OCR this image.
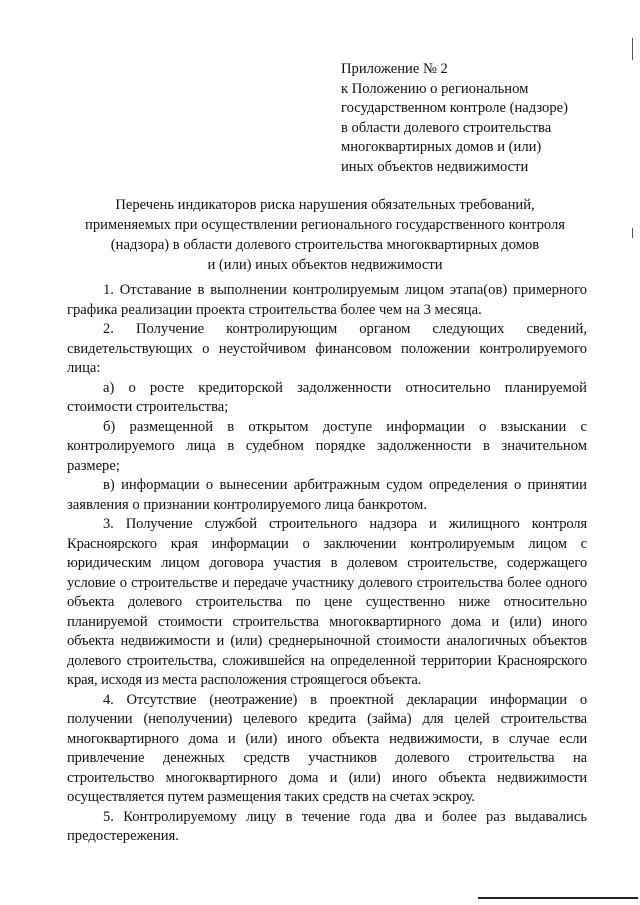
Приложение № 2
к Положению о региональном
государственном контроле (надзоре)
в области долевого строительства
многоквартирных домов и (или)
иных объектов недвижимости
Перечень индикаторов риска нарушения обязательных требований,
применяемых при осуществлении регионального государственного контроля
(надзора) в области долевого строительства многоквартирных домов
и (или) иных объектов недвижимости

1. Отставание в выполнении контролируемым лицом этапа(ов) примерного графика реализации проекта строительства более чем на 3 месяца.

2. Получение контролирующим органом следующих сведений, свидетельствующих о неустойчивом финансовом положении контролируемого лица:

а) о росте кредиторской задолженности относительно планируемой стоимости строительства;

б) размещенной в открытом доступе информации о взыскании с контролируемого лица в судебном порядке задолженности в значительном размере;

в) информации о вынесении арбитражным судом определения о принятии заявления о признании контролируемого лица банкротом.

3. Получение службой строительного надзора и жилищного контроля Красноярского края информации о заключении контролируемым лицом с юридическим лицом договора участия в долевом строительстве, содержащего условие о строительстве и передаче участнику долевого строительства более одного объекта долевого строительства по цене существенно ниже относительно планируемой стоимости строительства многоквартирного дома и (или) иного объекта недвижимости и (или) среднерыночной стоимости аналогичных объектов долевого строительства, сложившейся на определенной территории Красноярского края, исходя из места расположения строящегося объекта.

4. Отсутствие (неотражение) в проектной декларации информации о получении (неполучении) целевого кредита (займа) для целей строительства многоквартирного дома и (или) иного объекта недвижимости, в случае если привлечение денежных средств участников долевого строительства на строительство многоквартирного дома и (или) иного объекта недвижимости осуществляется путем размещения таких средств на счетах эскроу.

5. Контролируемому лицу в течение года два и более раз выдавались предостережения.
